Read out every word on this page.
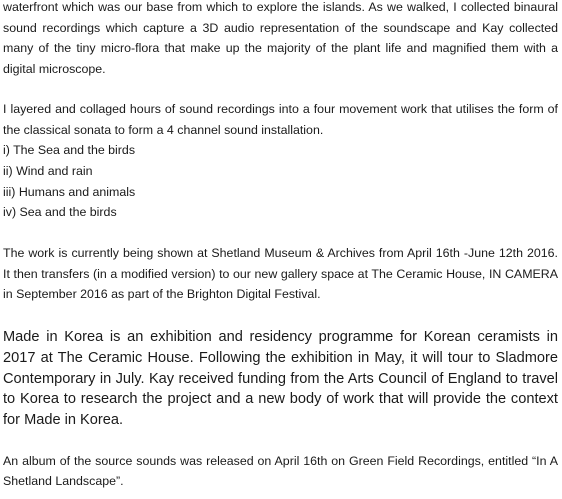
waterfront which was our base from which to explore the islands. As we walked, I collected binaural sound recordings which capture a 3D audio representation of the soundscape and Kay collected many of the tiny micro-flora that make up the majority of the plant life and magnified them with a digital microscope.

I layered and collaged hours of sound recordings into a four movement work that utilises the form of the classical sonata to form a 4 channel sound installation.

i) The Sea and the birds

ii) Wind and rain

iii) Humans and animals

iv) Sea and the birds

The work is currently being shown at Shetland Museum & Archives from April 16th -June 12th 2016. It then transfers (in a modified version) to our new gallery space at The Ceramic House, IN CAMERA in September 2016 as part of the Brighton Digital Festival.

Made in Korea is an exhibition and residency programme for Korean ceramists in 2017 at The Ceramic House. Following the exhibition in May, it will tour to Sladmore Contemporary in July. Kay received funding from the Arts Council of England to travel to Korea to research the project and a new body of work that will provide the context for Made in Korea.

An album of the source sounds was released on April 16th on Green Field Recordings, entitled “In A Shetland Landscape”.
